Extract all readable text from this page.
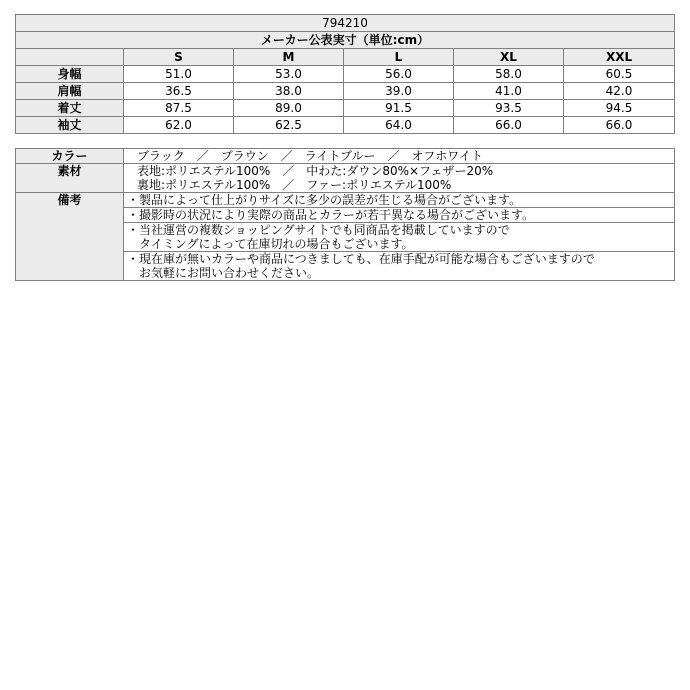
794210					
メーカー公表実寸（単位:cm）					
	S	M	L	XL	XXL
身幅	51.0	53.0	56.0	58.0	60.5
肩幅	36.5	38.0	39.0	41.0	42.0
着丈	87.5	89.0	91.5	93.5	94.5
袖丈	62.0	62.5	64.0	66.0	66.0
カラー	ブラック　／　ブラウン　／　ライトブルー　／　オフホワイト
素材	表地:ポリエステル100%　／　中わた:ダウン80%×フェザー20%
裏地:ポリエステル100%　／　ファー:ポリエステル100%

備考	・製品によって仕上がりサイズに多少の誤差が生じる場合がございます。

	・撮影時の状況により実際の商品とカラーが若干異なる場合がございます。

	・当社運営の複数ショッピングサイトでも同商品を掲載していますので
　タイミングによって在庫切れの場合もございます。

	・現在庫が無いカラーや商品につきましても、在庫手配が可能な場合もございますので
　お気軽にお問い合わせください。
